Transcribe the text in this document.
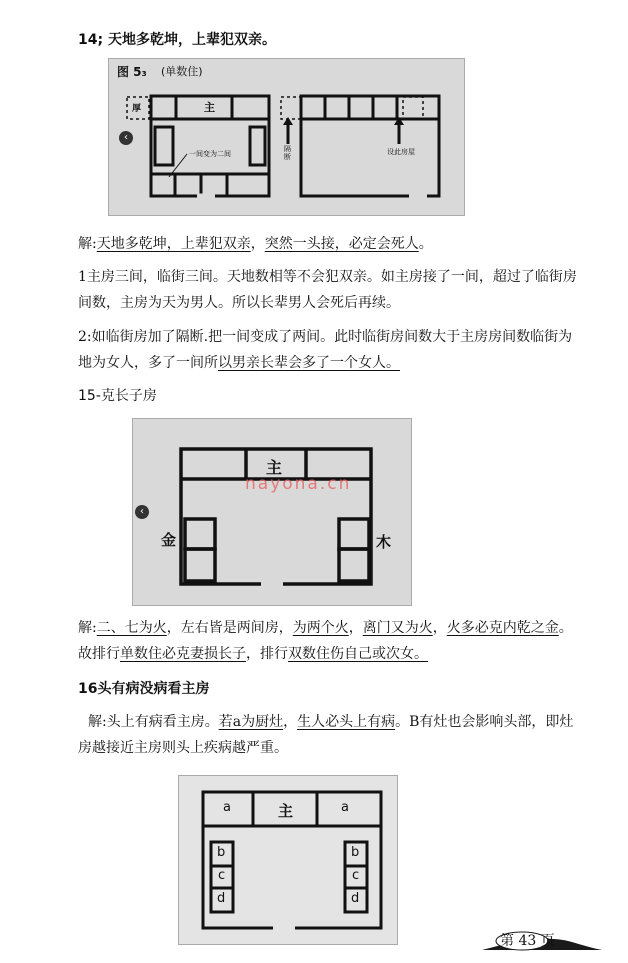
14; 天地多乾坤，上辈犯双亲。
图 5₃ (单数住)
主
厚
一间变为二间
隔断
设此房屋
‹
解:天地多乾坤，上辈犯双亲，突然一头接，必定会死人。
1主房三间，临街三间。天地数相等不会犯双亲。如主房接了一间，超过了临街房
间数，主房为天为男人。所以长辈男人会死后再续。
2:如临街房加了隔断.把一间变成了两间。此时临街房间数大于主房房间数临街为
地为女人，多了一间所以男亲长辈会多了一个女人。
15-克长子房
主
金	木
‹
nayona.cn
解:二、七为火，左右皆是两间房，为两个火，离门又为火，火多必克内乾之金。
故排行单数住必克妻损长子，排行双数住伤自己或次女。
16头有病没病看主房
解:头上有病看主房。若a为厨灶，生人必头上有病。B有灶也会影响头部，即灶
房越接近主房则头上疾病越严重。
a	主	a
b
c
d
b
c
d
第 43 页
